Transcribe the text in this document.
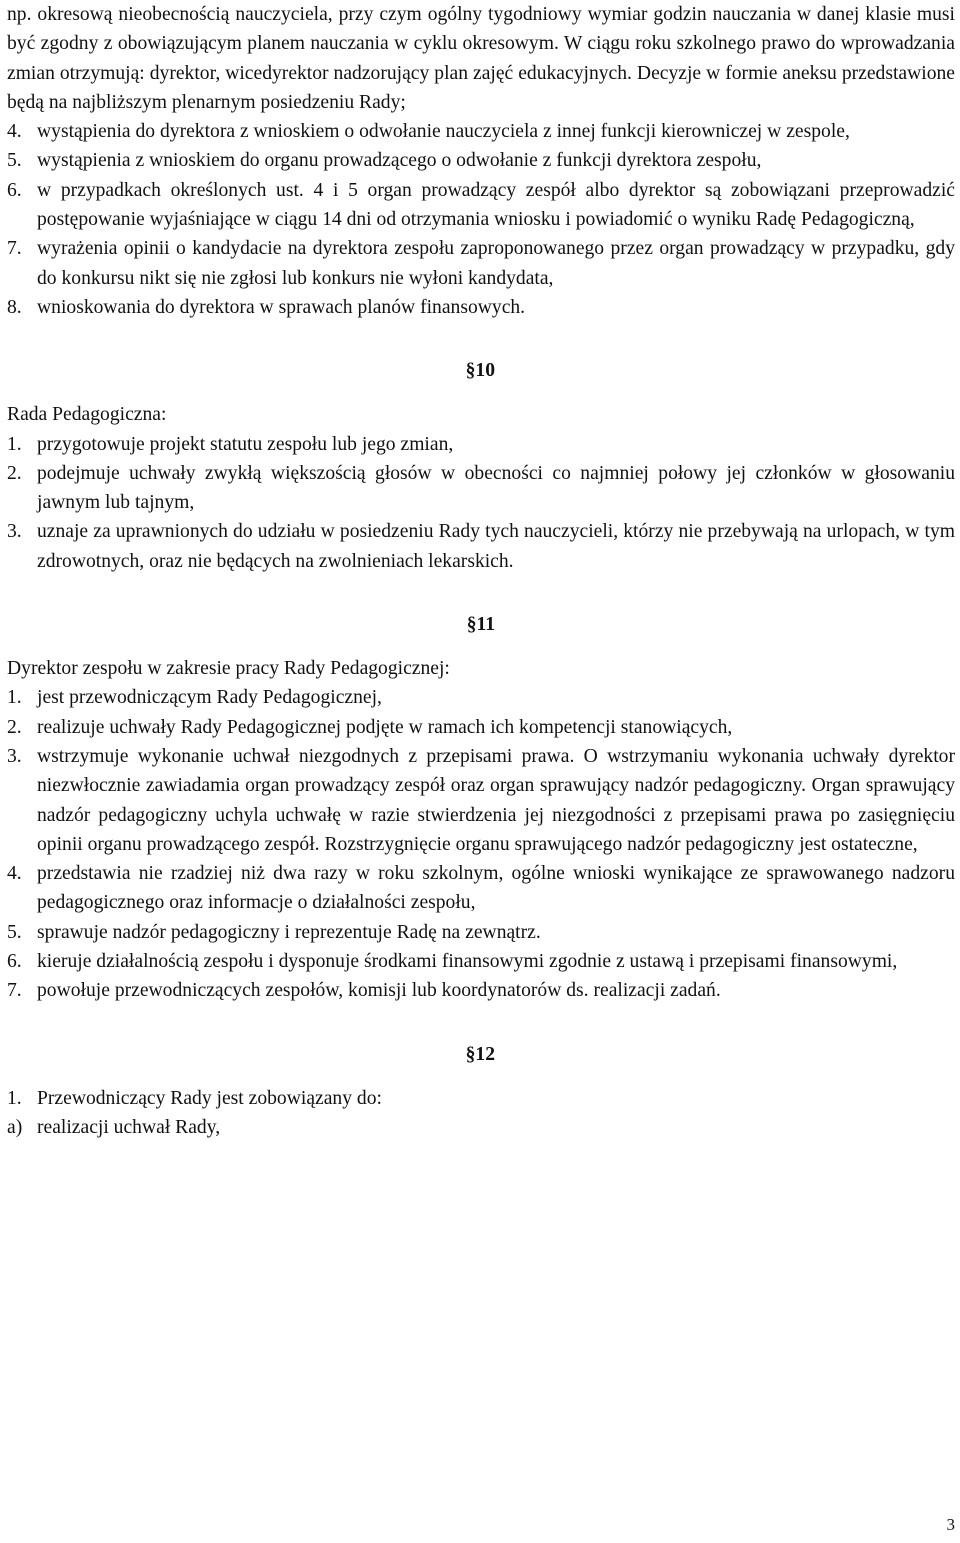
np. okresową nieobecnością nauczyciela, przy czym ogólny tygodniowy wymiar godzin nauczania w danej klasie musi być zgodny z obowiązującym planem nauczania w cyklu okresowym. W ciągu roku szkolnego prawo do wprowadzania zmian otrzymują: dyrektor, wicedyrektor nadzorujący plan zajęć edukacyjnych. Decyzje w formie aneksu przedstawione będą na najbliższym plenarnym posiedzeniu Rady;

4. wystąpienia do dyrektora z wnioskiem o odwołanie nauczyciela z innej funkcji kierowniczej w zespole,
5. wystąpienia z wnioskiem do organu prowadzącego o odwołanie z funkcji dyrektora zespołu,
6. w przypadkach określonych ust. 4 i 5 organ prowadzący zespół albo dyrektor są zobowiązani przeprowadzić postępowanie wyjaśniające w ciągu 14 dni od otrzymania wniosku i powiadomić o wyniku Radę Pedagogiczną,
7. wyrażenia opinii o kandydacie na dyrektora zespołu zaproponowanego przez organ prowadzący w przypadku, gdy do konkursu nikt się nie zgłosi lub konkurs nie wyłoni kandydata,
8. wnioskowania do dyrektora w sprawach planów finansowych.

§10

Rada Pedagogiczna:

1. przygotowuje projekt statutu zespołu lub jego zmian,
2. podejmuje uchwały zwykłą większością głosów w obecności co najmniej połowy jej członków w głosowaniu jawnym lub tajnym,
3. uznaje za uprawnionych do udziału w posiedzeniu Rady tych nauczycieli, którzy nie przebywają na urlopach, w tym zdrowotnych, oraz nie będących na zwolnieniach lekarskich.

§11

Dyrektor zespołu w zakresie pracy Rady Pedagogicznej:

1. jest przewodniczącym Rady Pedagogicznej,
2. realizuje uchwały Rady Pedagogicznej podjęte w ramach ich kompetencji stanowiących,
3. wstrzymuje wykonanie uchwał niezgodnych z przepisami prawa. O wstrzymaniu wykonania uchwały dyrektor niezwłocznie zawiadamia organ prowadzący zespół oraz organ sprawujący nadzór pedagogiczny. Organ sprawujący nadzór pedagogiczny uchyla uchwałę w razie stwierdzenia jej niezgodności z przepisami prawa po zasięgnięciu opinii organu prowadzącego zespół. Rozstrzygnięcie organu sprawującego nadzór pedagogiczny jest ostateczne,
4. przedstawia nie rzadziej niż dwa razy w roku szkolnym, ogólne wnioski wynikające ze sprawowanego nadzoru pedagogicznego oraz informacje o działalności zespołu,
5. sprawuje nadzór pedagogiczny i reprezentuje Radę na zewnątrz.
6. kieruje działalnością zespołu i dysponuje środkami finansowymi zgodnie z ustawą i przepisami finansowymi,
7. powołuje przewodniczących zespołów, komisji lub koordynatorów ds. realizacji zadań.

§12

1. Przewodniczący Rady jest zobowiązany do:
a) realizacji uchwał Rady,
3
